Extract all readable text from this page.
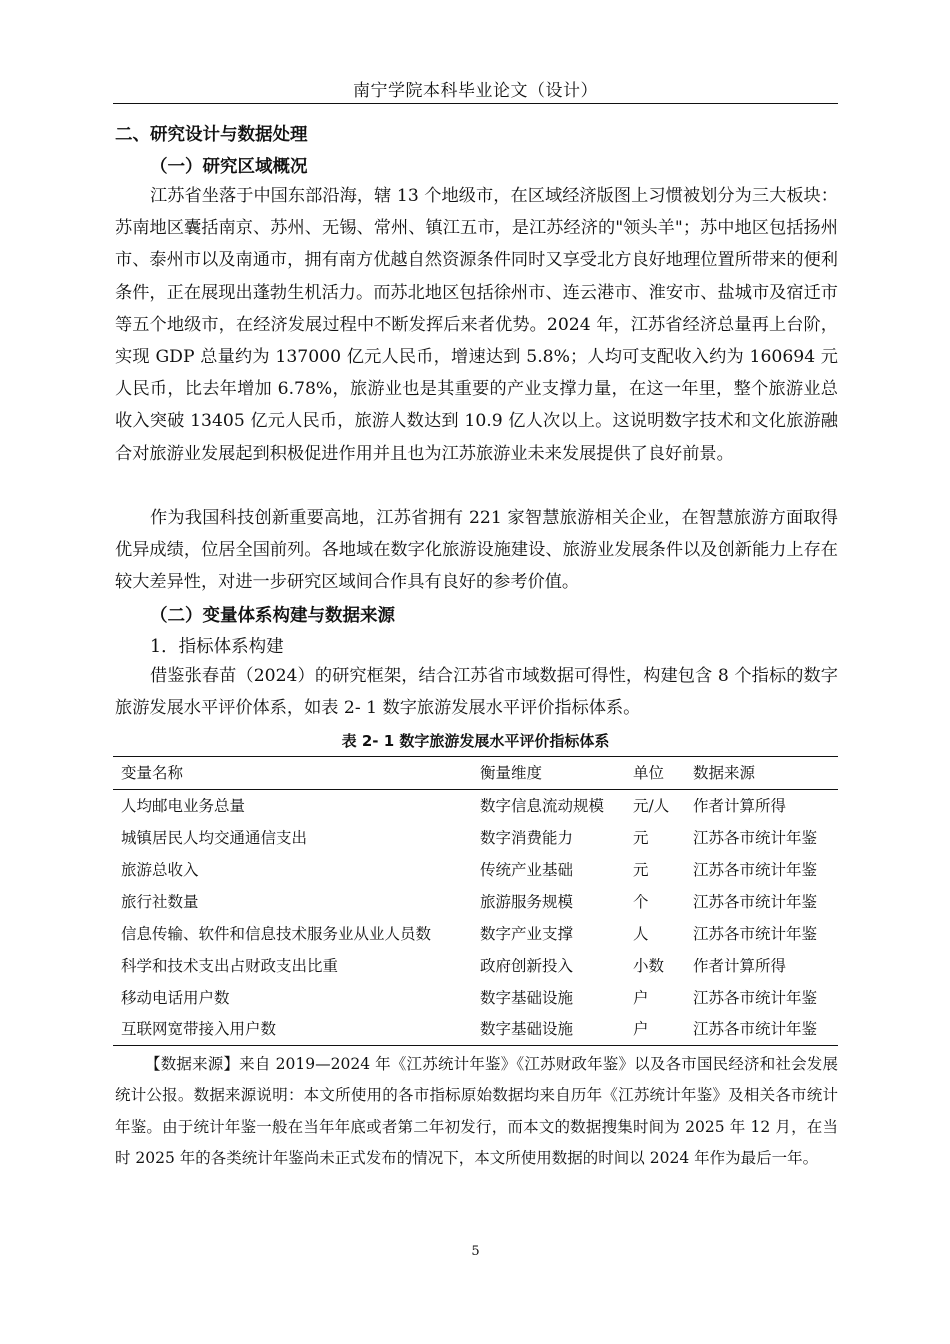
南宁学院本科毕业论文（设计）
二、研究设计与数据处理
（一）研究区域概况

江苏省坐落于中国东部沿海，辖 13 个地级市，在区域经济版图上习惯被划分为三大板块：苏南地区囊括南京、苏州、无锡、常州、镇江五市，是江苏经济的"领头羊"；苏中地区包括扬州市、泰州市以及南通市，拥有南方优越自然资源条件同时又享受北方良好地理位置所带来的便利条件，正在展现出蓬勃生机活力。而苏北地区包括徐州市、连云港市、淮安市、盐城市及宿迁市等五个地级市，在经济发展过程中不断发挥后来者优势。2024 年，江苏省经济总量再上台阶，实现 GDP 总量约为 137000 亿元人民币，增速达到 5.8%；人均可支配收入约为 160694 元人民币，比去年增加 6.78%，旅游业也是其重要的产业支撑力量，在这一年里，整个旅游业总收入突破 13405 亿元人民币，旅游人数达到 10.9 亿人次以上。这说明数字技术和文化旅游融合对旅游业发展起到积极促进作用并且也为江苏旅游业未来发展提供了良好前景。

作为我国科技创新重要高地，江苏省拥有 221 家智慧旅游相关企业，在智慧旅游方面取得优异成绩，位居全国前列。各地域在数字化旅游设施建设、旅游业发展条件以及创新能力上存在较大差异性，对进一步研究区域间合作具有良好的参考价值。

（二）变量体系构建与数据来源
1．指标体系构建

借鉴张春苗（2024）的研究框架，结合江苏省市域数据可得性，构建包含 8 个指标的数字旅游发展水平评价体系，如表 2- 1 数字旅游发展水平评价指标体系。

表 2- 1 数字旅游发展水平评价指标体系
变量名称	衡量维度	单位 数据来源
人均邮电业务总量	数字信息流动规模 元/人 作者计算所得
城镇居民人均交通通信支出	数字消费能力	元	江苏各市统计年鉴
旅游总收入	传统产业基础	元	江苏各市统计年鉴
旅行社数量	旅游服务规模	个	江苏各市统计年鉴
信息传输、软件和信息技术服务业从业人员数	数字产业支撑	人	江苏各市统计年鉴
科学和技术支出占财政支出比重	政府创新投入	小数 作者计算所得
移动电话用户数	数字基础设施	户	江苏各市统计年鉴
互联网宽带接入用户数	数字基础设施	户	江苏各市统计年鉴

【数据来源】来自 2019—2024 年《江苏统计年鉴》《江苏财政年鉴》以及各市国民经济和社会发展统计公报。数据来源说明：本文所使用的各市指标原始数据均来自历年《江苏统计年鉴》及相关各市统计年鉴。由于统计年鉴一般在当年年底或者第二年初发行，而本文的数据搜集时间为 2025 年 12 月，在当时 2025 年的各类统计年鉴尚未正式发布的情况下，本文所使用数据的时间以 2024 年作为最后一年。

5
